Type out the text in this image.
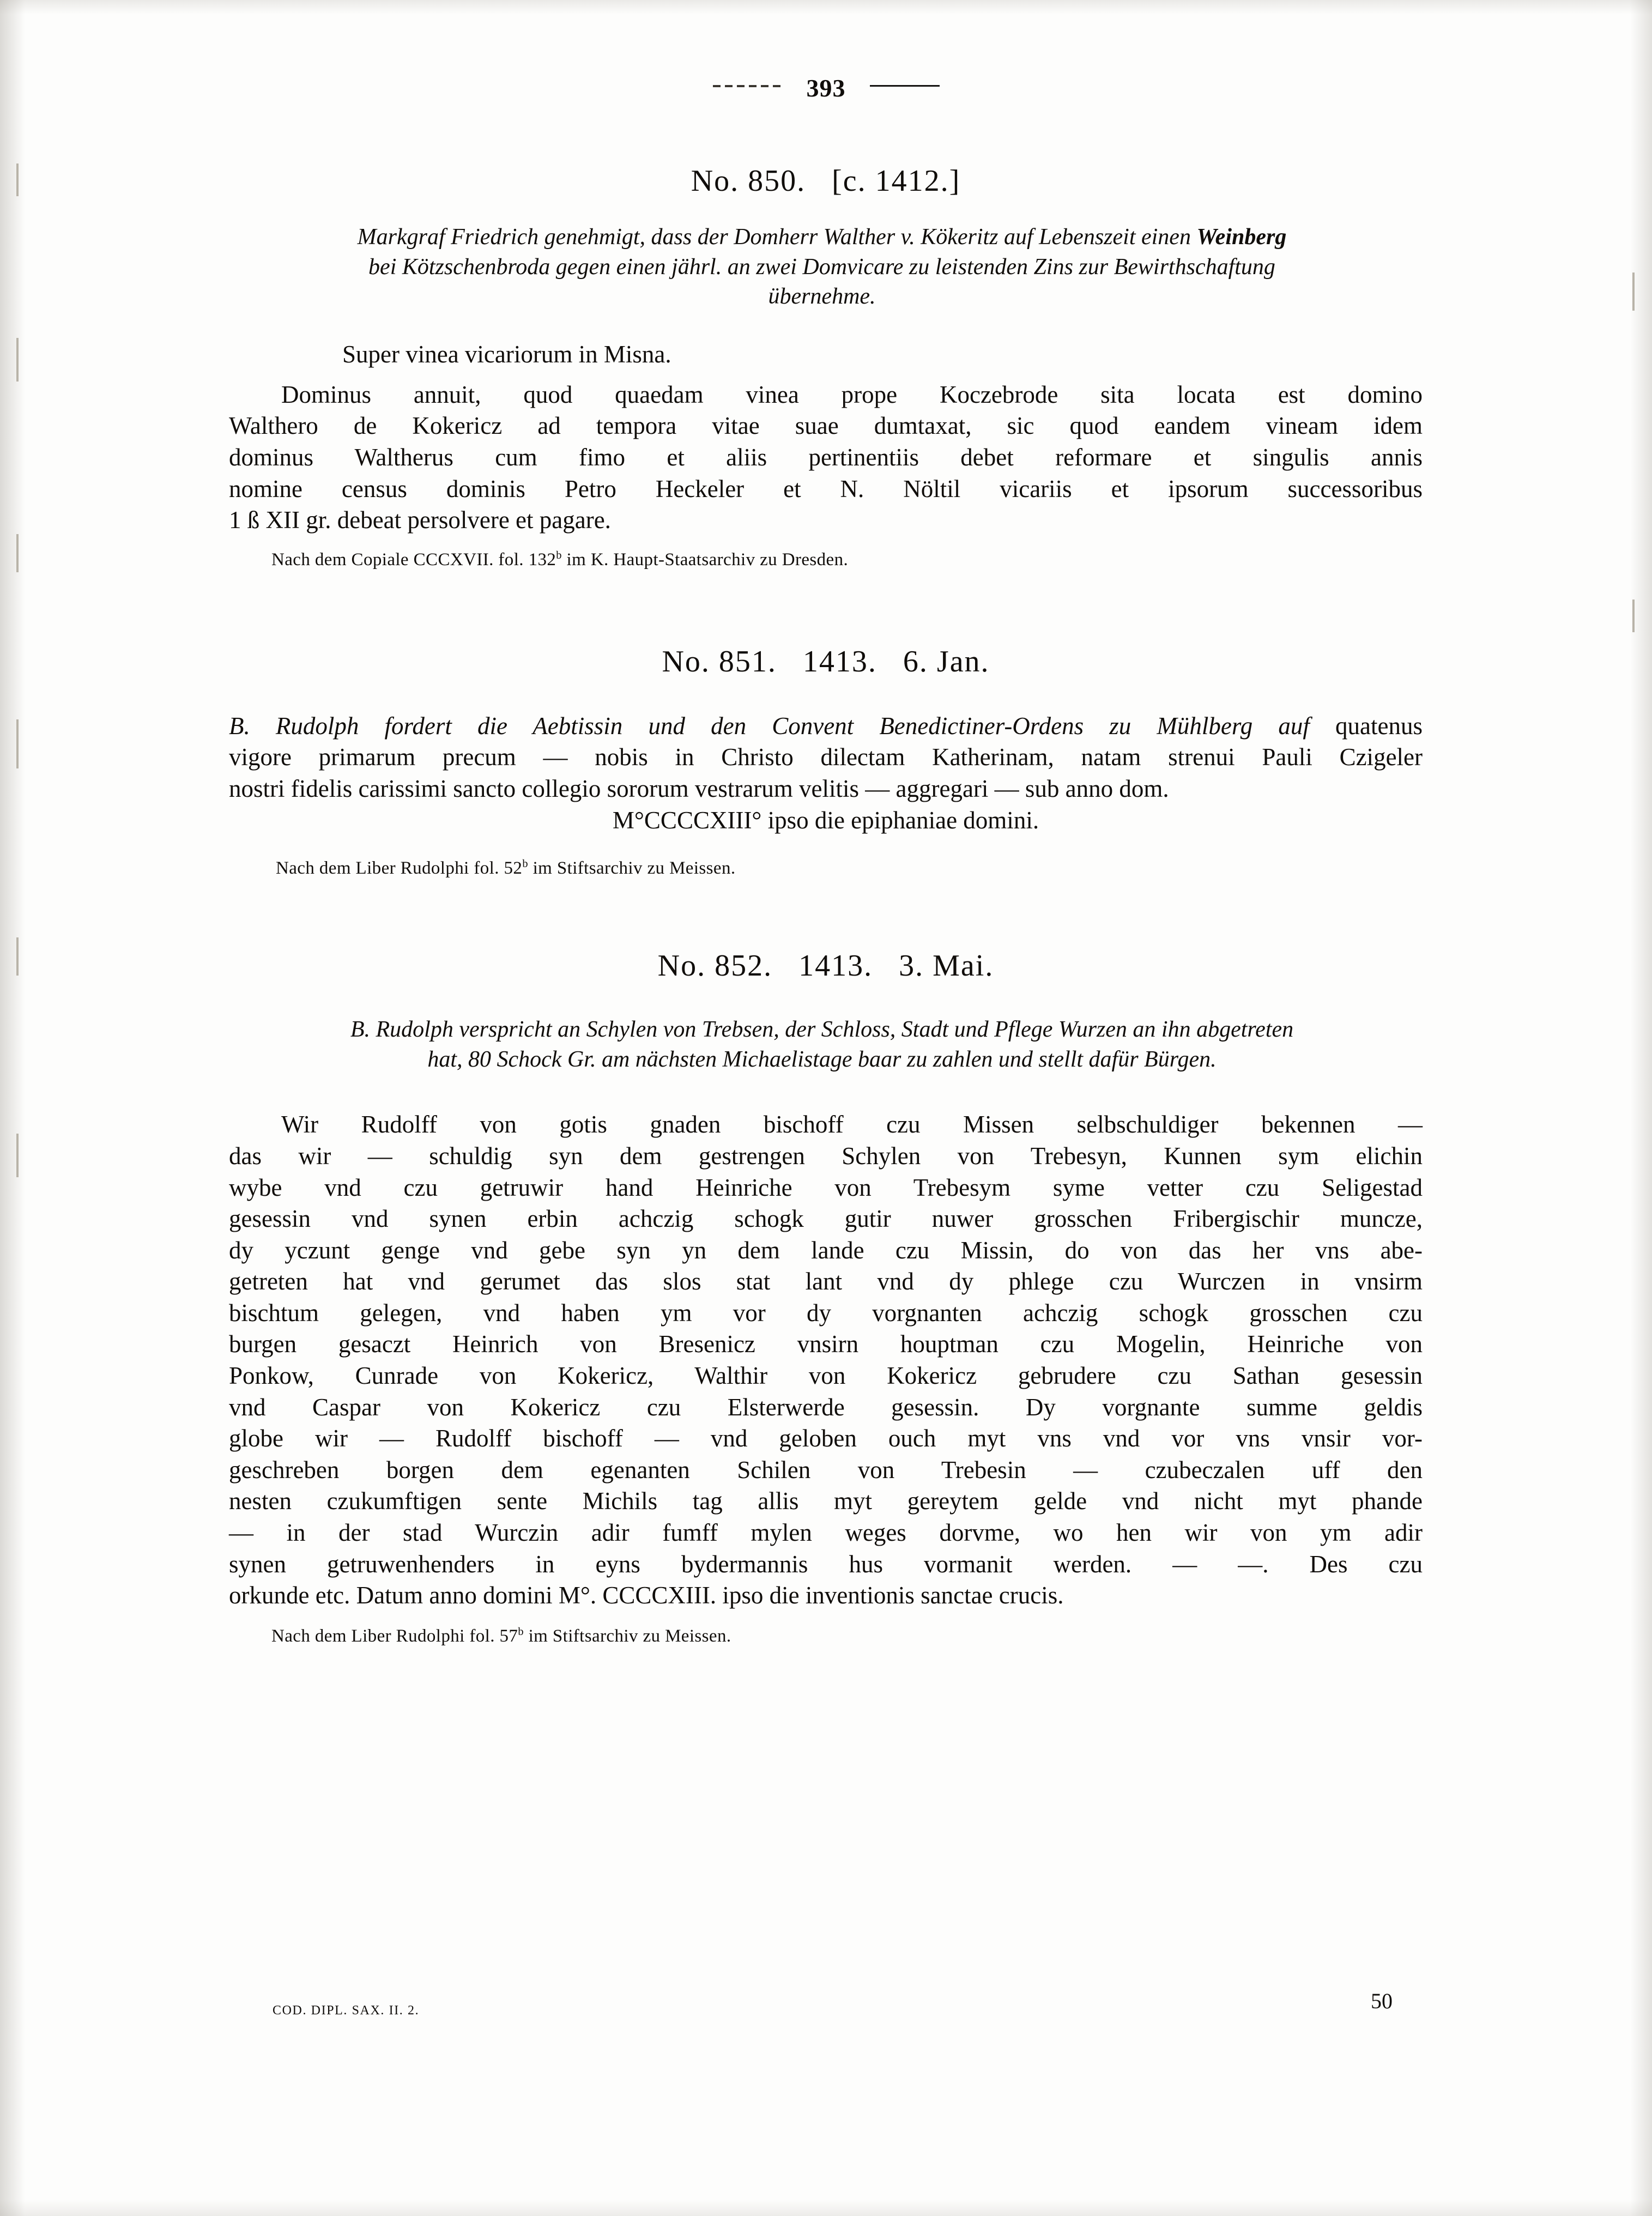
393
No. 850.   [c. 1412.]
Markgraf Friedrich genehmigt, dass der Domherr Walther v. Kökeritz auf Lebenszeit einen Weinberg
bei Kötzschenbroda gegen einen jährl. an zwei Domvicare zu leistenden Zins zur Bewirthschaftung
übernehme.
Super vinea vicariorum in Misna.
Dominus annuit, quod quaedam vinea prope Koczebrode sita locata est domino
Walthero de Kokericz ad tempora vitae suae dumtaxat, sic quod eandem vineam idem
dominus Waltherus cum fimo et aliis pertinentiis debet reformare et singulis annis
nomine census dominis Petro Heckeler et N. Nöltil vicariis et ipsorum successoribus
1 ß XII gr. debeat persolvere et pagare.
Nach dem Copiale CCCXVII. fol. 132$^b$ im K. Haupt-Staatsarchiv zu Dresden.
No. 851.   1413.   6. Jan.
B. Rudolph fordert die Aebtissin und den Convent Benedictiner-Ordens zu Mühlberg auf quatenus
vigore primarum precum — nobis in Christo dilectam Katherinam, natam strenui Pauli Czigeler
nostri fidelis carissimi sancto collegio sororum vestrarum velitis — aggregari — sub anno dom.
M°CCCCXIII° ipso die epiphaniae domini.
Nach dem Liber Rudolphi fol. 52$^b$ im Stiftsarchiv zu Meissen.
No. 852.   1413.   3. Mai.
B. Rudolph verspricht an Schylen von Trebsen, der Schloss, Stadt und Pflege Wurzen an ihn abgetreten
hat, 80 Schock Gr. am nächsten Michaelistage baar zu zahlen und stellt dafür Bürgen.
Wir Rudolff von gotis gnaden bischoff czu Missen selbschuldiger bekennen —
das wir — schuldig syn dem gestrengen Schylen von Trebesyn, Kunnen sym elichin
wybe vnd czu getruwir hand Heinriche von Trebesym syme vetter czu Seligestad
gesessin vnd synen erbin achczig schogk gutir nuwer grosschen Fribergischir muncze,
dy yczunt genge vnd gebe syn yn dem lande czu Missin, do von das her vns abe-
getreten hat vnd gerumet das slos stat lant vnd dy phlege czu Wurczen in vnsirm
bischtum gelegen, vnd haben ym vor dy vorgnanten achczig schogk grosschen czu
burgen gesaczt Heinrich von Bresenicz vnsirn houptman czu Mogelin, Heinriche von
Ponkow, Cunrade von Kokericz, Walthir von Kokericz gebrudere czu Sathan gesessin
vnd Caspar von Kokericz czu Elsterwerde gesessin. Dy vorgnante summe geldis
globe wir — Rudolff bischoff — vnd geloben ouch myt vns vnd vor vns vnsir vor-
geschreben borgen dem egenanten Schilen von Trebesin — czubeczalen uff den
nesten czukumftigen sente Michils tag allis myt gereytem gelde vnd nicht myt phande
— in der stad Wurczin adir fumff mylen weges dorvme, wo hen wir von ym adir
synen getruwenhenders in eyns bydermannis hus vormanit werden. — —. Des czu
orkunde etc. Datum anno domini M°. CCCCXIII. ipso die inventionis sanctae crucis.
Nach dem Liber Rudolphi fol. 57$^b$ im Stiftsarchiv zu Meissen.
COD. DIPL. SAX. II. 2.	50
